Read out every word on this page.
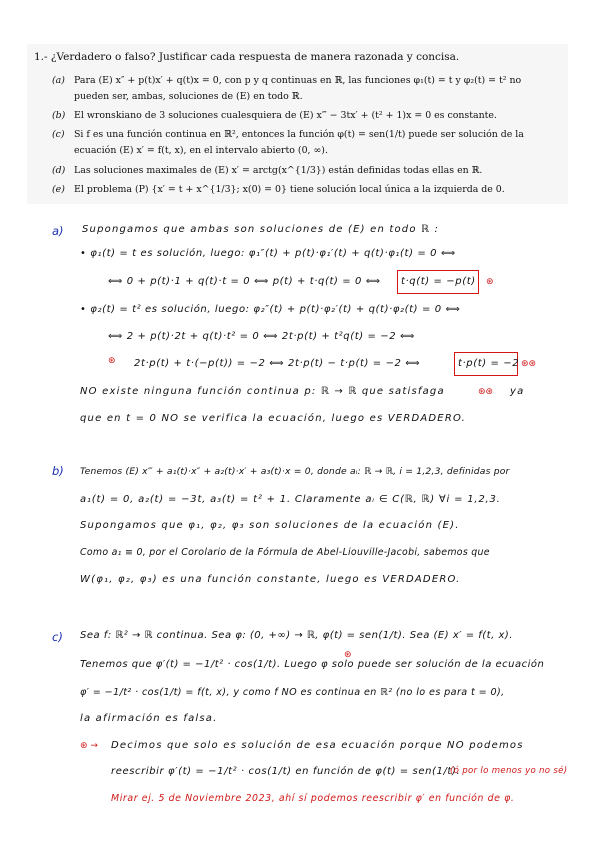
1.- ¿Verdadero o falso? Justificar cada respuesta de manera razonada y concisa.
(a) Para (E) x″ + p(t)x′ + q(t)x = 0, con p y q continuas en ℝ, las funciones φ₁(t) = t y φ₂(t) = t² no
pueden ser, ambas, soluciones de (E) en todo ℝ.
(b) El wronskiano de 3 soluciones cualesquiera de (E) x‴ − 3tx′ + (t² + 1)x = 0 es constante.
(c) Si f es una función continua en ℝ², entonces la función φ(t) = sen(1/t) puede ser solución de la
ecuación (E) x′ = f(t, x), en el intervalo abierto (0, ∞).
(d) Las soluciones maximales de (E) x′ = arctg(x^{1/3}) están definidas todas ellas en ℝ.
(e) El problema (P) {x′ = t + x^{1/3}; x(0) = 0} tiene solución local única a la izquierda de 0.
a) Supongamos que ambas son soluciones de (E) en todo ℝ :
• φ₁(t) = t es solución, luego: φ₁″(t) + p(t)·φ₁′(t) + q(t)·φ₁(t) = 0 ⟺
⟺ 0 + p(t)·1 + q(t)·t = 0 ⟺ p(t) + t·q(t) = 0 ⟺ t·q(t) = −p(t) ⊛
• φ₂(t) = t² es solución, luego: φ₂″(t) + p(t)·φ₂′(t) + q(t)·φ₂(t) = 0 ⟺
⟺ 2 + p(t)·2t + q(t)·t² = 0 ⟺ 2t·p(t) + t²q(t) = −2 ⟺
⊛ 2t·p(t) + t·(−p(t)) = −2 ⟺ 2t·p(t) − t·p(t) = −2 ⟺	t·p(t) = −2 ⊛⊛
NO existe ninguna función continua p: ℝ → ℝ que satisfaga	⊛⊛ ya
que en t = 0 NO se verifica la ecuación, luego es VERDADERO.
b) Tenemos (E) x‴ + a₁(t)·x″ + a₂(t)·x′ + a₃(t)·x = 0, donde aᵢ: ℝ → ℝ, i = 1,2,3, definidas por
a₁(t) = 0, a₂(t) = −3t, a₃(t) = t² + 1. Claramente aᵢ ∈ C(ℝ, ℝ) ∀i = 1,2,3.
Supongamos que φ₁, φ₂, φ₃ son soluciones de la ecuación (E).
Como a₁ ≡ 0, por el Corolario de la Fórmula de Abel-Liouville-Jacobi, sabemos que
W(φ₁, φ₂, φ₃) es una función constante, luego es VERDADERO.
c) Sea f: ℝ² → ℝ continua. Sea φ: (0, +∞) → ℝ, φ(t) = sen(1/t). Sea (E) x′ = f(t, x).
Tenemos que φ′(t) = −1/t² · cos(1/t). Luego φ solo puede ser solución de la ecuación
⊛
φ′ = −1/t² · cos(1/t) = f(t, x), y como f NO es continua en ℝ² (no lo es para t = 0),
la afirmación es falsa.
⊛ → Decimos que solo es solución de esa ecuación porque NO podemos
reescribir φ′(t) = −1/t² · cos(1/t) en función de φ(t) = sen(1/t).
(ó por lo menos yo no sé)
Mirar ej. 5 de Noviembre 2023, ahí sí podemos reescribir φ′ en función de φ.
